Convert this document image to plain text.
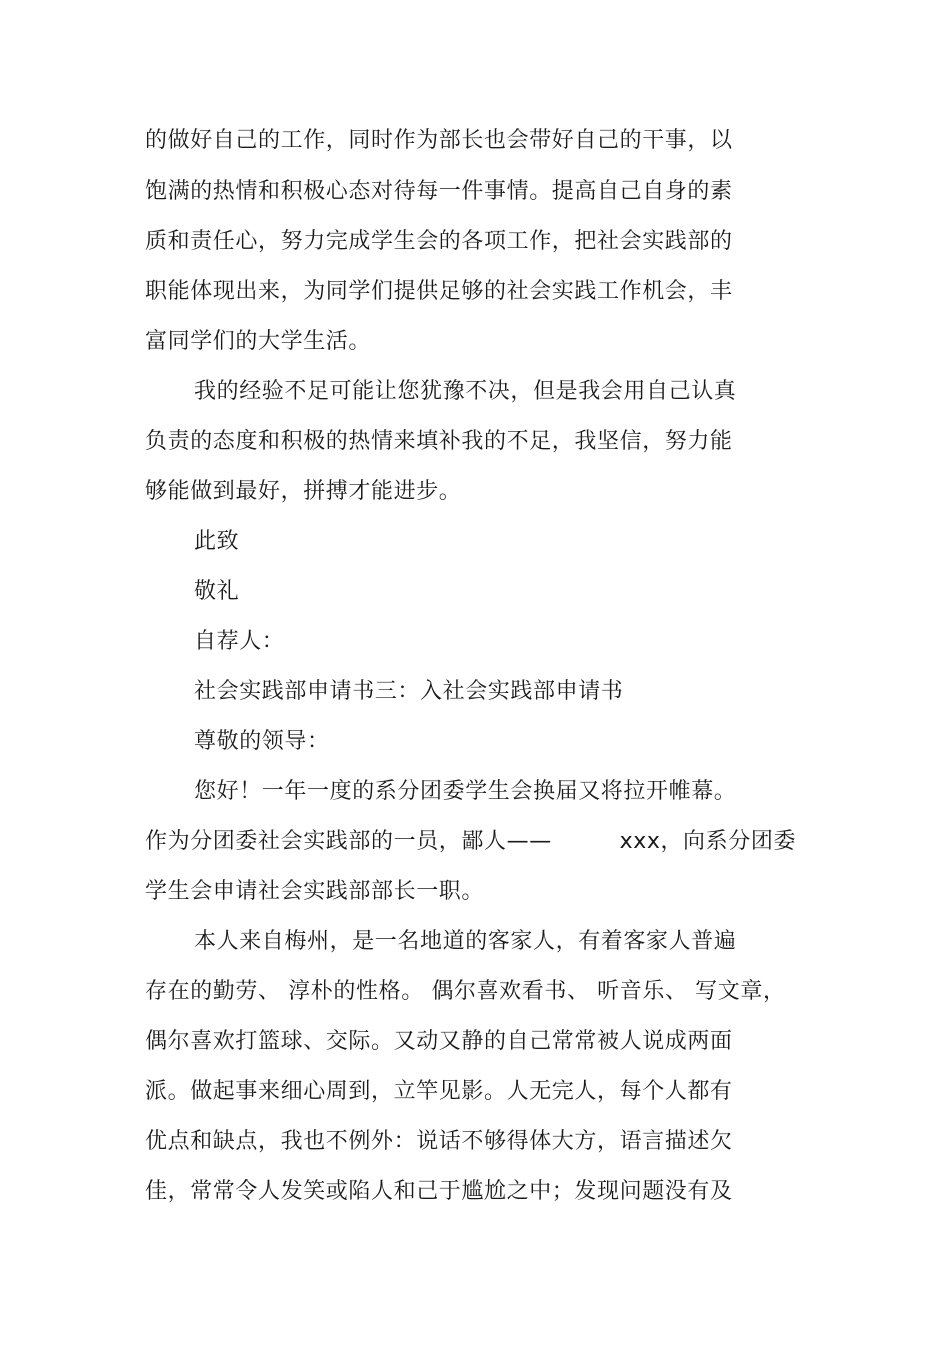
的做好自己的工作，同时作为部长也会带好自己的干事，以
饱满的热情和积极心态对待每一件事情。提高自己自身的素
质和责任心，努力完成学生会的各项工作，把社会实践部的
职能体现出来，为同学们提供足够的社会实践工作机会，丰
富同学们的大学生活。
我的经验不足可能让您犹豫不决，但是我会用自己认真
负责的态度和积极的热情来填补我的不足，我坚信，努力能
够能做到最好，拼搏才能进步。
此致
敬礼
自荐人：
社会实践部申请书三：入社会实践部申请书
尊敬的领导：
您好！一年一度的系分团委学生会换届又将拉开帷幕。
作为分团委社会实践部的一员，鄙人——　　　xxx，向系分团委
学生会申请社会实践部部长一职。
本人来自梅州，是一名地道的客家人，有着客家人普遍
存在的勤劳、 淳朴的性格。 偶尔喜欢看书、 听音乐、 写文章，
偶尔喜欢打篮球、交际。又动又静的自己常常被人说成两面
派。做起事来细心周到，立竿见影。人无完人，每个人都有
优点和缺点，我也不例外：说话不够得体大方，语言描述欠
佳，常常令人发笑或陷人和己于尴尬之中；发现问题没有及
